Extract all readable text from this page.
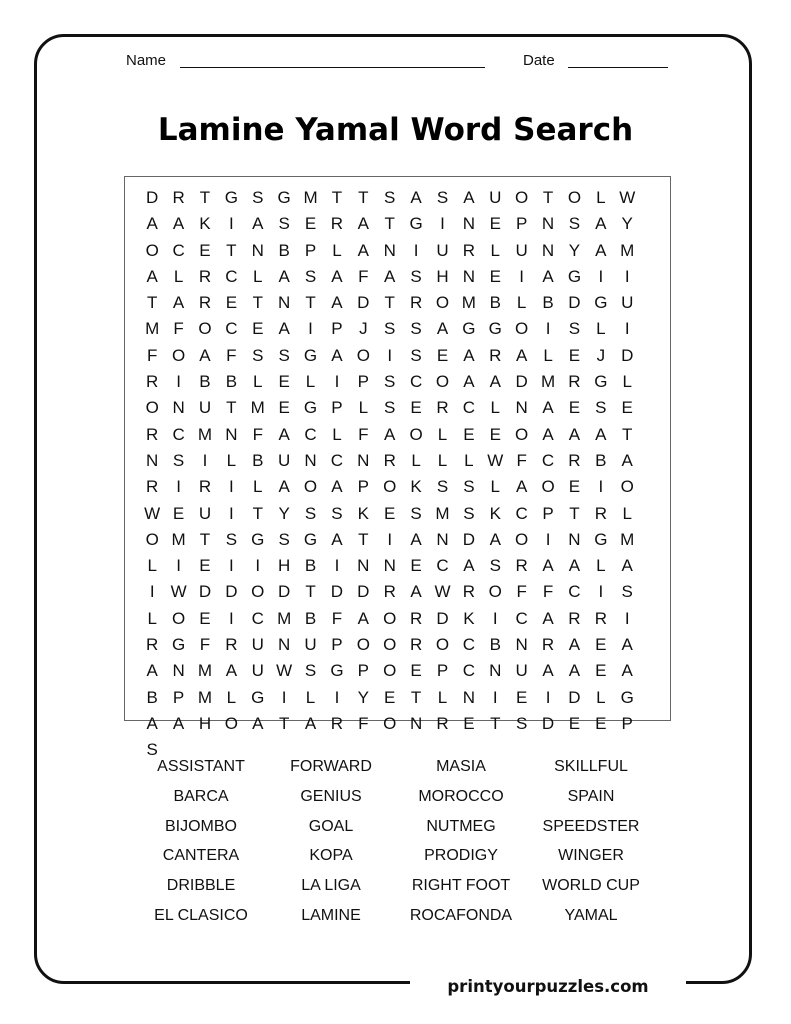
Name	Date
Lamine Yamal Word Search
D R T G S G M T T S A S A U O T O L W
A A K	I	A S E R A T G	I	N E P N S A Y
O C E T N B P L A N	I	U R L U N Y A M
A L R C L A S A F A S H N E	I	A G	I	I
T A R E T N T A D T R O M B L B D G U
M F O C E A	I	P J S S A G G O	I	S L	I
F O A F S S G A O	I	S E A R A L E J D
R	I	B B L E L	I	P S C O A A D M R G L
O N U T M E G P L S E R C L N A E S E
R C M N F A C L F A O L E E O A A A T
N S	I	L B U N C N R L L L W F C R B A
R	I	R	I	L A O A P O K S S L A O E	I	O
W E U	I	T Y S S K E S M S K C P T R L
O M T S G S G A T	I	A N D A O	I	N G M
L	I	E	I	I	H B	I	N N E C A S R A A L A
I W D D O D T D D R A W R O F F C	I	S
L O E	I	C M B F A O R D K	I	C A R R	I
R G F R U N U P O O R O C B N R A E A
A N M A U W S G P O E P C N U A A E A
B P M L G	I	L	I	Y E T L N	I	E	I	D L G
A A H O A T A R F O N R E T S D E E P
S
ASSISTANT	FORWARD	MASIA	SKILLFUL
BARCA	GENIUS	MOROCCO	SPAIN
BIJOMBO	GOAL	NUTMEG	SPEEDSTER
CANTERA	KOPA	PRODIGY	WINGER
DRIBBLE	LA LIGA	RIGHT FOOT	WORLD CUP
EL CLASICO	LAMINE	ROCAFONDA	YAMAL
printyourpuzzles.com
